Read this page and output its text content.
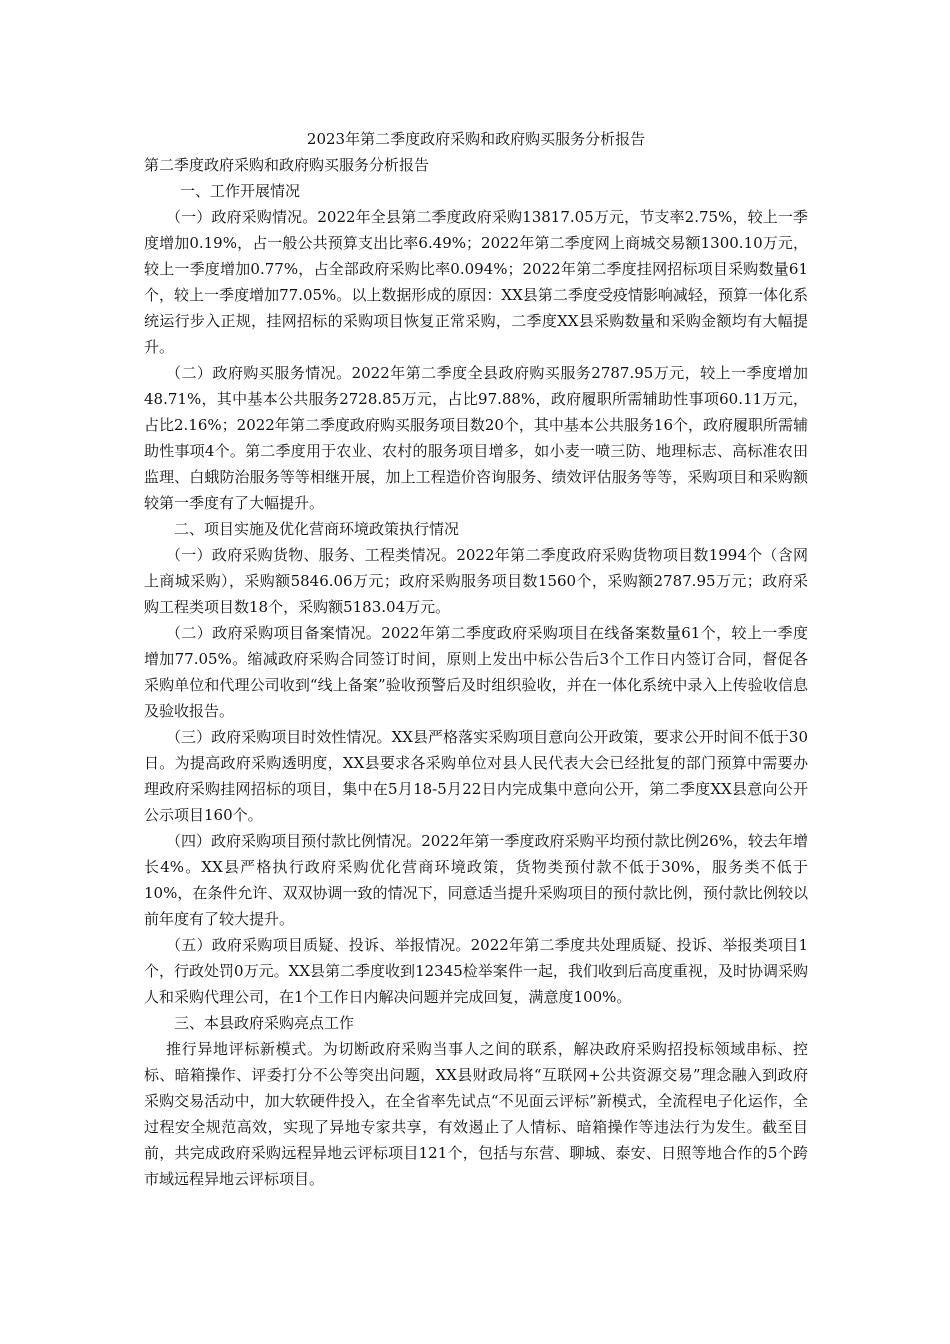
2023年第二季度政府采购和政府购买服务分析报告

第二季度政府采购和政府购买服务分析报告

一、工作开展情况

（一）政府采购情况。2022年全县第二季度政府采购13817.05万元，节支率2.75%，较上一季度增加0.19%，占一般公共预算支出比率6.49%；2022年第二季度网上商城交易额1300.10万元，较上一季度增加0.77%，占全部政府采购比率0.094%；2022年第二季度挂网招标项目采购数量61个，较上一季度增加77.05%。以上数据形成的原因：XX县第二季度受疫情影响减轻，预算一体化系统运行步入正规，挂网招标的采购项目恢复正常采购，二季度XX县采购数量和采购金额均有大幅提升。

（二）政府购买服务情况。2022年第二季度全县政府购买服务2787.95万元，较上一季度增加48.71%，其中基本公共服务2728.85万元，占比97.88%，政府履职所需辅助性事项60.11万元，占比2.16%；2022年第二季度政府购买服务项目数20个，其中基本公共服务16个，政府履职所需辅助性事项4个。第二季度用于农业、农村的服务项目增多，如小麦一喷三防、地理标志、高标准农田监理、白蛾防治服务等等相继开展，加上工程造价咨询服务、绩效评估服务等等，采购项目和采购额较第一季度有了大幅提升。

二、项目实施及优化营商环境政策执行情况

（一）政府采购货物、服务、工程类情况。2022年第二季度政府采购货物项目数1994个（含网上商城采购），采购额5846.06万元；政府采购服务项目数1560个，采购额2787.95万元；政府采购工程类项目数18个，采购额5183.04万元。

（二）政府采购项目备案情况。2022年第二季度政府采购项目在线备案数量61个，较上一季度增加77.05%。缩减政府采购合同签订时间，原则上发出中标公告后3个工作日内签订合同，督促各采购单位和代理公司收到“线上备案”验收预警后及时组织验收，并在一体化系统中录入上传验收信息及验收报告。

（三）政府采购项目时效性情况。XX县严格落实采购项目意向公开政策，要求公开时间不低于30日。为提高政府采购透明度，XX县要求各采购单位对县人民代表大会已经批复的部门预算中需要办理政府采购挂网招标的项目，集中在5月18-5月22日内完成集中意向公开，第二季度XX县意向公开公示项目160个。

（四）政府采购项目预付款比例情况。2022年第一季度政府采购平均预付款比例26%，较去年增长4%。XX县严格执行政府采购优化营商环境政策，货物类预付款不低于30%，服务类不低于10%，在条件允许、双双协调一致的情况下，同意适当提升采购项目的预付款比例，预付款比例较以前年度有了较大提升。

（五）政府采购项目质疑、投诉、举报情况。2022年第二季度共处理质疑、投诉、举报类项目1个，行政处罚0万元。XX县第二季度收到12345检举案件一起，我们收到后高度重视，及时协调采购人和采购代理公司，在1个工作日内解决问题并完成回复，满意度100%。

三、本县政府采购亮点工作

推行异地评标新模式。为切断政府采购当事人之间的联系，解决政府采购招投标领域串标、控标、暗箱操作、评委打分不公等突出问题，XX县财政局将“互联网+公共资源交易”理念融入到政府采购交易活动中，加大软硬件投入，在全省率先试点“不见面云评标”新模式，全流程电子化运作，全过程安全规范高效，实现了异地专家共享，有效遏止了人情标、暗箱操作等违法行为发生。截至目前，共完成政府采购远程异地云评标项目121个，包括与东营、聊城、泰安、日照等地合作的5个跨市域远程异地云评标项目。
